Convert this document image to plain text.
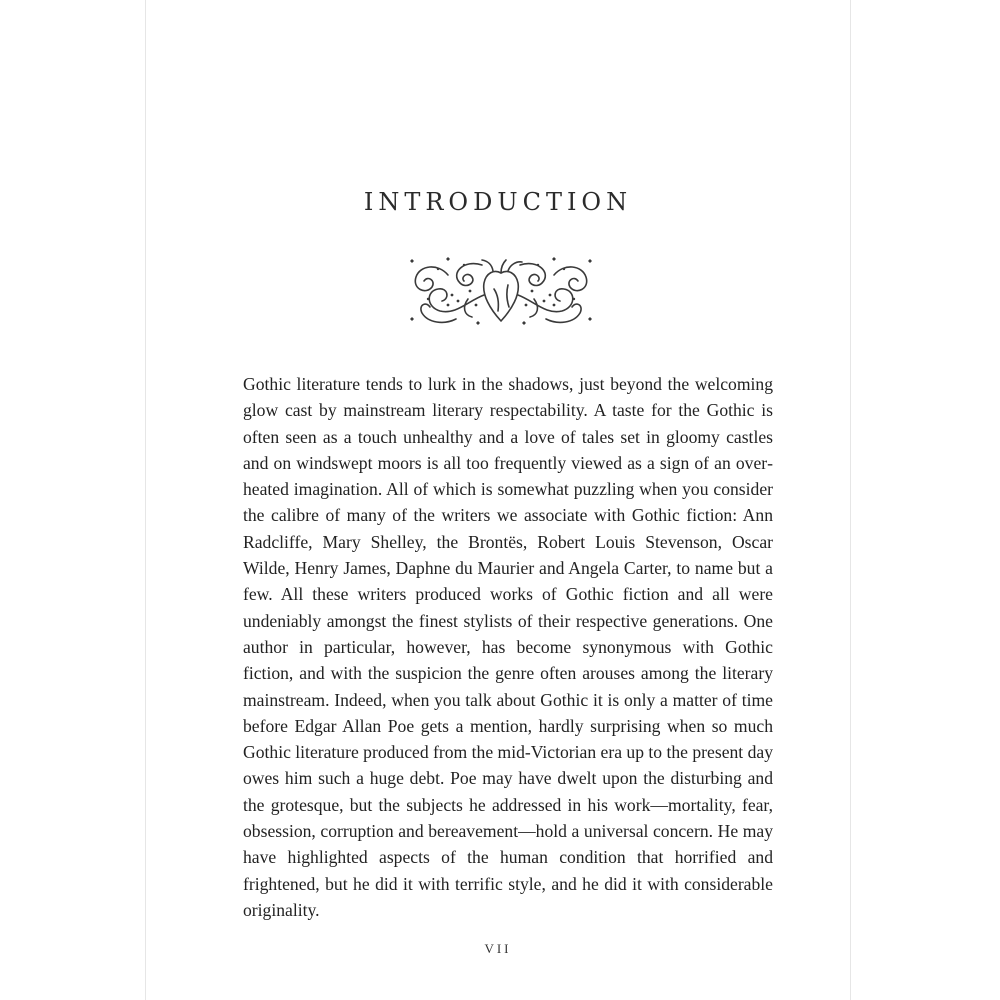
INTRODUCTION

Gothic literature tends to lurk in the shadows, just beyond the welcoming glow cast by mainstream literary respectability. A taste for the Gothic is often seen as a touch unhealthy and a love of tales set in gloomy castles and on windswept moors is all too frequently viewed as a sign of an overheated imagination. All of which is somewhat puzzling when you consider the calibre of many of the writers we associate with Gothic fiction: Ann Radcliffe, Mary Shelley, the Brontës, Robert Louis Stevenson, Oscar Wilde, Henry James, Daphne du Maurier and Angela Carter, to name but a few. All these writers produced works of Gothic fiction and all were undeniably amongst the finest stylists of their respective generations. One author in particular, however, has become synonymous with Gothic fiction, and with the suspicion the genre often arouses among the literary mainstream. Indeed, when you talk about Gothic it is only a matter of time before Edgar Allan Poe gets a mention, hardly surprising when so much Gothic literature produced from the mid-Victorian era up to the present day owes him such a huge debt. Poe may have dwelt upon the disturbing and the grotesque, but the subjects he addressed in his work—mortality, fear, obsession, corruption and bereavement—hold a universal concern. He may have highlighted aspects of the human condition that horrified and frightened, but he did it with terrific style, and he did it with considerable originality.

VII
